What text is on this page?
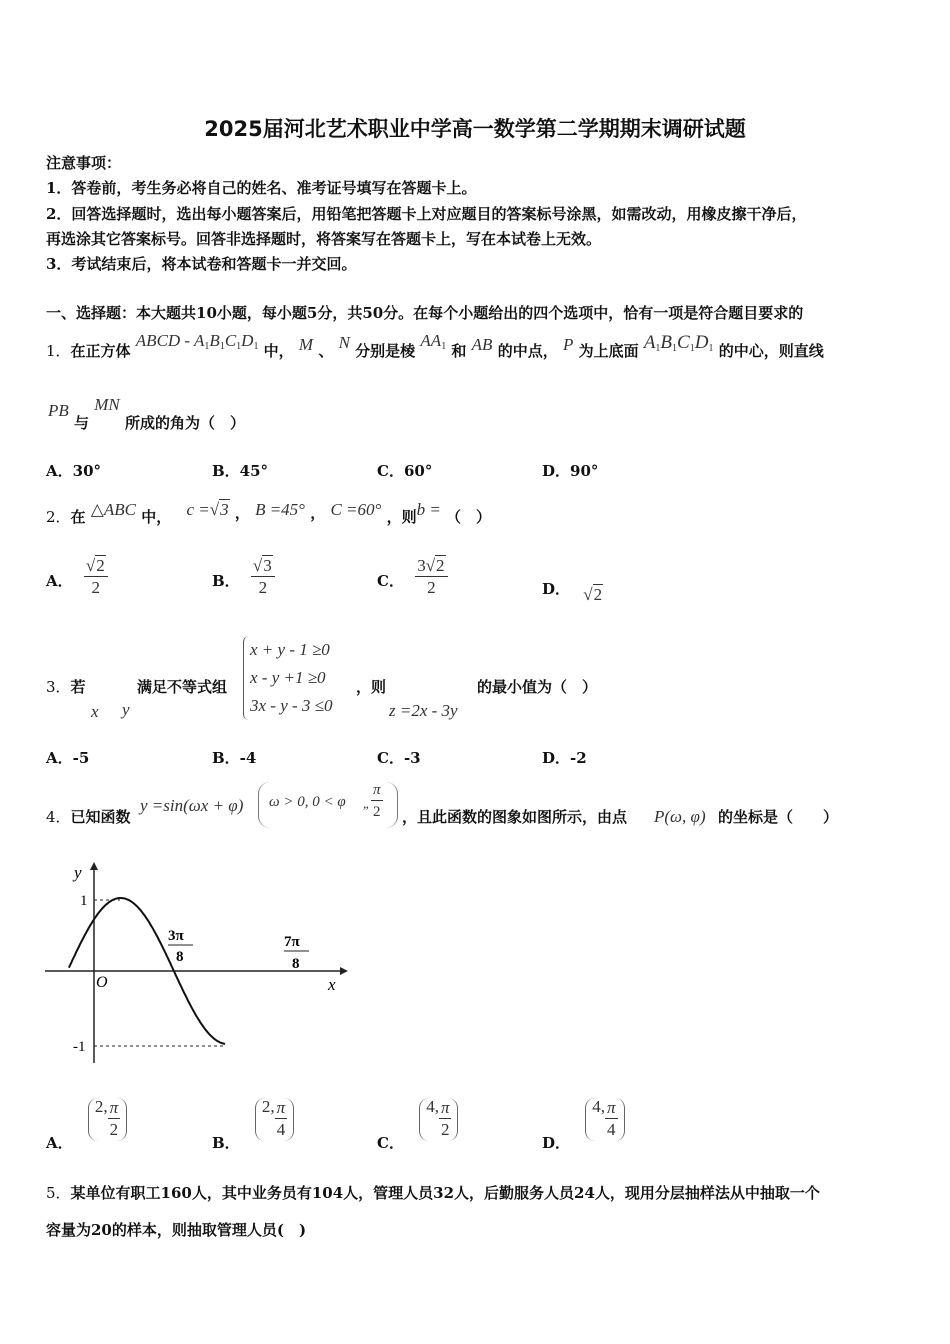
2025届河北艺术职业中学高一数学第二学期期末调研试题
注意事项：
1．答卷前，考生务必将自己的姓名、准考证号填写在答题卡上。
2．回答选择题时，选出每小题答案后，用铅笔把答题卡上对应题目的答案标号涂黑，如需改动，用橡皮擦干净后，
再选涂其它答案标号。回答非选择题时，将答案写在答题卡上，写在本试卷上无效。
3．考试结束后，将本试卷和答题卡一并交回。
一、选择题：本大题共10小题，每小题5分，共50分。在每个小题给出的四个选项中，恰有一项是符合题目要求的
1．在正方体 ABCD - $A_1B_1C_1D_1$ 中， M 、 N 分别是棱 $AA_1$ 和 AB 的中点， P 为上底面 $A_1B_1C_1D_1$ 的中心，则直线
PB 与 MN 所成的角为（　）
A．30°	B．45°	C．60°	D．90°
2．在 △ABC 中， c =√3 ， B =45° ， C =60° ，则b = （　）
A． $\frac{√2}{2}$	B． $\frac{√3}{2}$	C． $\frac{3√2}{2}$	D． √2
3．若
x y
满足不等式组
x + y - 1 ≥0
x - y +1 ≥0
3x - y - 3 ≤0
，则
z =2x - 3y
的最小值为（　）
A．-5	B．-4	C．-3	D．-2
4．已知函数
y =sin(ωx + φ) ω > 0, 0 < φ „ $\frac{\pi}{2}$ ，且此函数的图象如图所示，由点 P(ω, φ) 的坐标是（　　）
y
x
O
1
-1
3π
8
7π
8
A． 2, $\frac{\pi}{2}$
B． 2, $\frac{\pi}{4}$
C． 4, $\frac{\pi}{2}$
D． 4, $\frac{\pi}{4}$
5．某单位有职工160人，其中业务员有104人，管理人员32人，后勤服务人员24人，现用分层抽样法从中抽取一个
容量为20的样本，则抽取管理人员(　)
